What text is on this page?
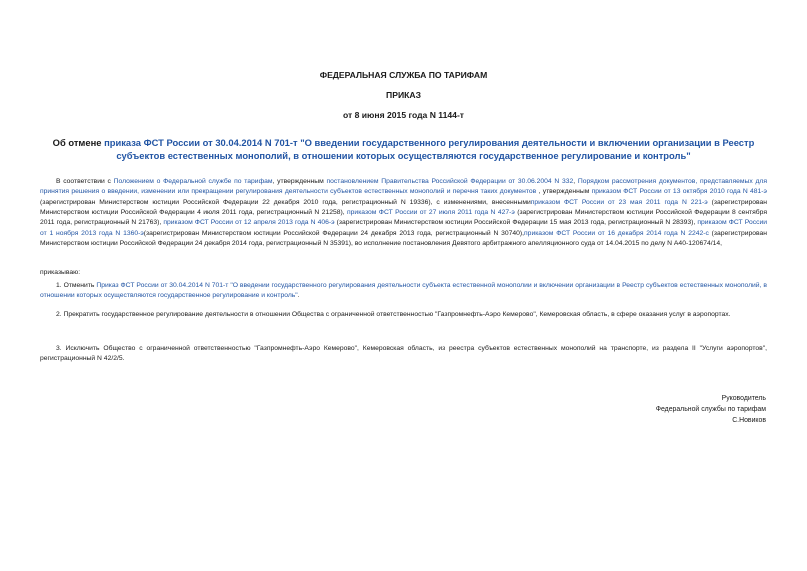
ФЕДЕРАЛЬНАЯ СЛУЖБА ПО ТАРИФАМ
ПРИКАЗ
от 8 июня 2015 года N 1144-т
Об отмене приказа ФСТ России от 30.04.2014 N 701-т "О введении государственного регулирования деятельности и включении организации в Реестр субъектов естественных монополий, в отношении которых осуществляются государственное регулирование и контроль"
В соответствии с Положением о Федеральной службе по тарифам, утвержденным постановлением Правительства Российской Федерации от 30.06.2004 N 332, Порядком рассмотрения документов, представляемых для принятия решения о введении, изменении или прекращении регулирования деятельности субъектов естественных монополий и перечня таких документов , утвержденным приказом ФСТ России от 13 октября 2010 года N 481-э (зарегистрирован Министерством юстиции Российской Федерации 22 декабря 2010 года, регистрационный N 19336), с изменениями, внесеннымиприказом ФСТ России от 23 мая 2011 года N 221-э (зарегистрирован Министерством юстиции Российской Федерации 4 июля 2011 года, регистрационный N 21258), приказом ФСТ России от 27 июля 2011 года N 427-э (зарегистрирован Министерством юстиции Российской Федерации 8 сентября 2011 года, регистрационный N 21763), приказом ФСТ России от 12 апреля 2013 года N 406-э (зарегистрирован Министерством юстиции Российской Федерации 15 мая 2013 года, регистрационный N 28393), приказом ФСТ России от 1 ноября 2013 года N 1360-э(зарегистрирован Министерством юстиции Российской Федерации 24 декабря 2013 года, регистрационный N 30740),приказом ФСТ России от 16 декабря 2014 года N 2242-с (зарегистрирован Министерством юстиции Российской Федерации 24 декабря 2014 года, регистрационный N 35391), во исполнение постановления Девятого арбитражного апелляционного суда от 14.04.2015 по делу N А40-120674/14,
приказываю:
1. Отменить Приказ ФСТ России от 30.04.2014 N 701-т "О введении государственного регулирования деятельности субъекта естественной монополии и включении организации в Реестр субъектов естественных монополий, в отношении которых осуществляются государственное регулирование и контроль".
2. Прекратить государственное регулирование деятельности в отношении Общества с ограниченной ответственностью "Газпромнефть-Аэро Кемерово", Кемеровская область, в сфере оказания услуг в аэропортах.
3. Исключить Общество с ограниченной ответственностью "Газпромнефть-Аэро Кемерово", Кемеровская область, из реестра субъектов естественных монополий на транспорте, из раздела II "Услуги аэропортов", регистрационный N 42/2/5.
Руководитель
Федеральной службы по тарифам
С.Новиков
